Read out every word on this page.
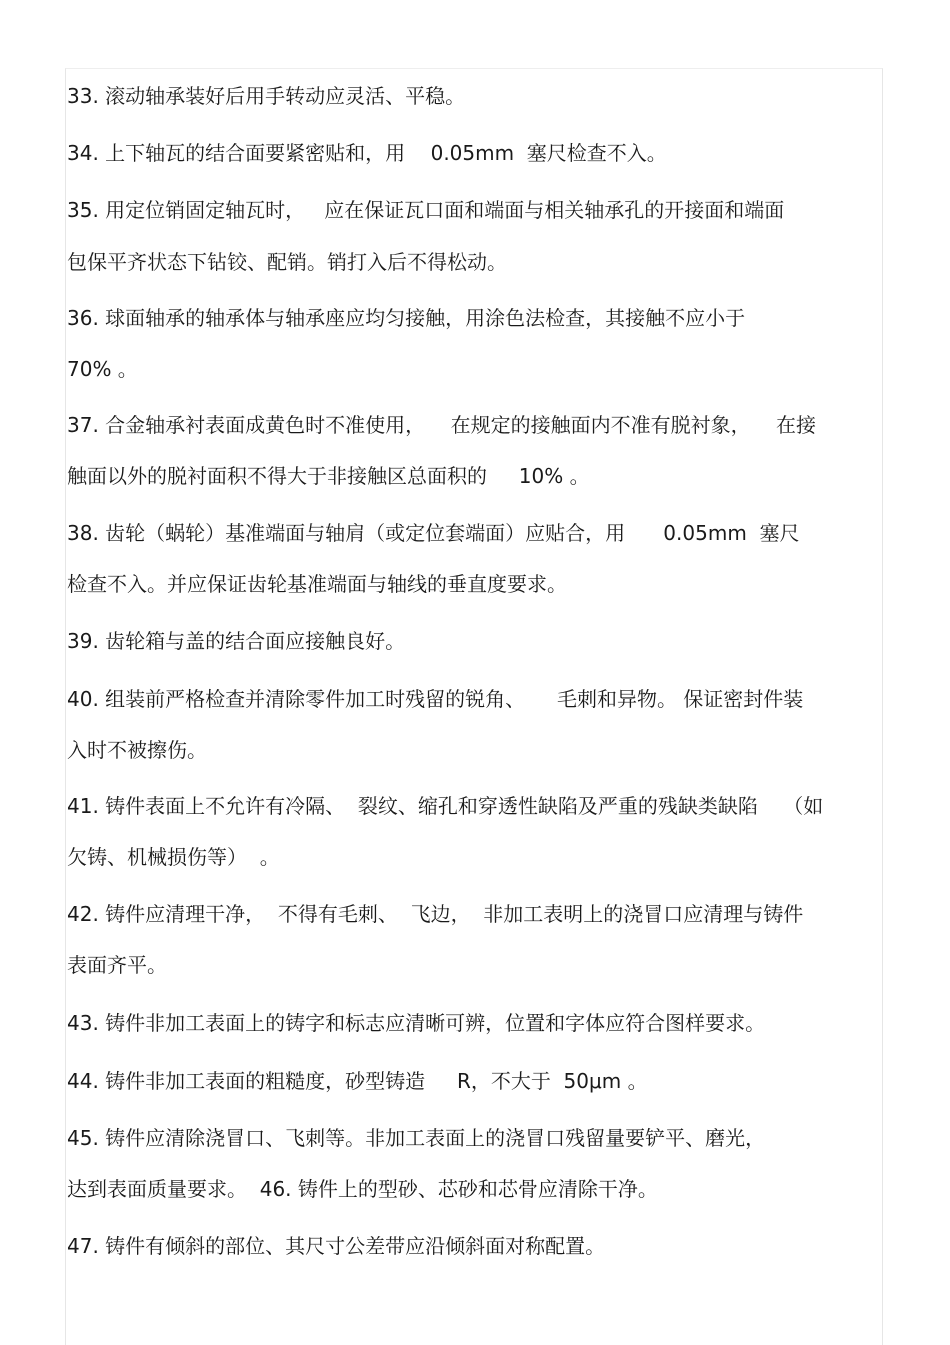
33. 滚动轴承装好后用手转动应灵活、平稳。
34. 上下轴瓦的结合面要紧密贴和，用    0.05mm  塞尺检查不入。
35. 用定位销固定轴瓦时，   应在保证瓦口面和端面与相关轴承孔的开接面和端面
包保平齐状态下钻铰、配销。销打入后不得松动。
36. 球面轴承的轴承体与轴承座应均匀接触，用涂色法检查，其接触不应小于
70% 。
37. 合金轴承衬表面成黄色时不准使用，    在规定的接触面内不准有脱衬象，    在接
触面以外的脱衬面积不得大于非接触区总面积的     10% 。
38. 齿轮（蜗轮）基准端面与轴肩（或定位套端面）应贴合，用      0.05mm  塞尺
检查不入。并应保证齿轮基准端面与轴线的垂直度要求。
39. 齿轮箱与盖的结合面应接触良好。
40. 组装前严格检查并清除零件加工时残留的锐角、     毛刺和异物。 保证密封件装
入时不被擦伤。
41. 铸件表面上不允许有冷隔、  裂纹、缩孔和穿透性缺陷及严重的残缺类缺陷    （如
欠铸、机械损伤等）  。
42. 铸件应清理干净，  不得有毛刺、  飞边，  非加工表明上的浇冒口应清理与铸件
表面齐平。
43. 铸件非加工表面上的铸字和标志应清晰可辨，位置和字体应符合图样要求。
44. 铸件非加工表面的粗糙度，砂型铸造     R，不大于  50μm 。
45. 铸件应清除浇冒口、飞刺等。非加工表面上的浇冒口残留量要铲平、磨光，
达到表面质量要求。  46. 铸件上的型砂、芯砂和芯骨应清除干净。
47. 铸件有倾斜的部位、其尺寸公差带应沿倾斜面对称配置。
